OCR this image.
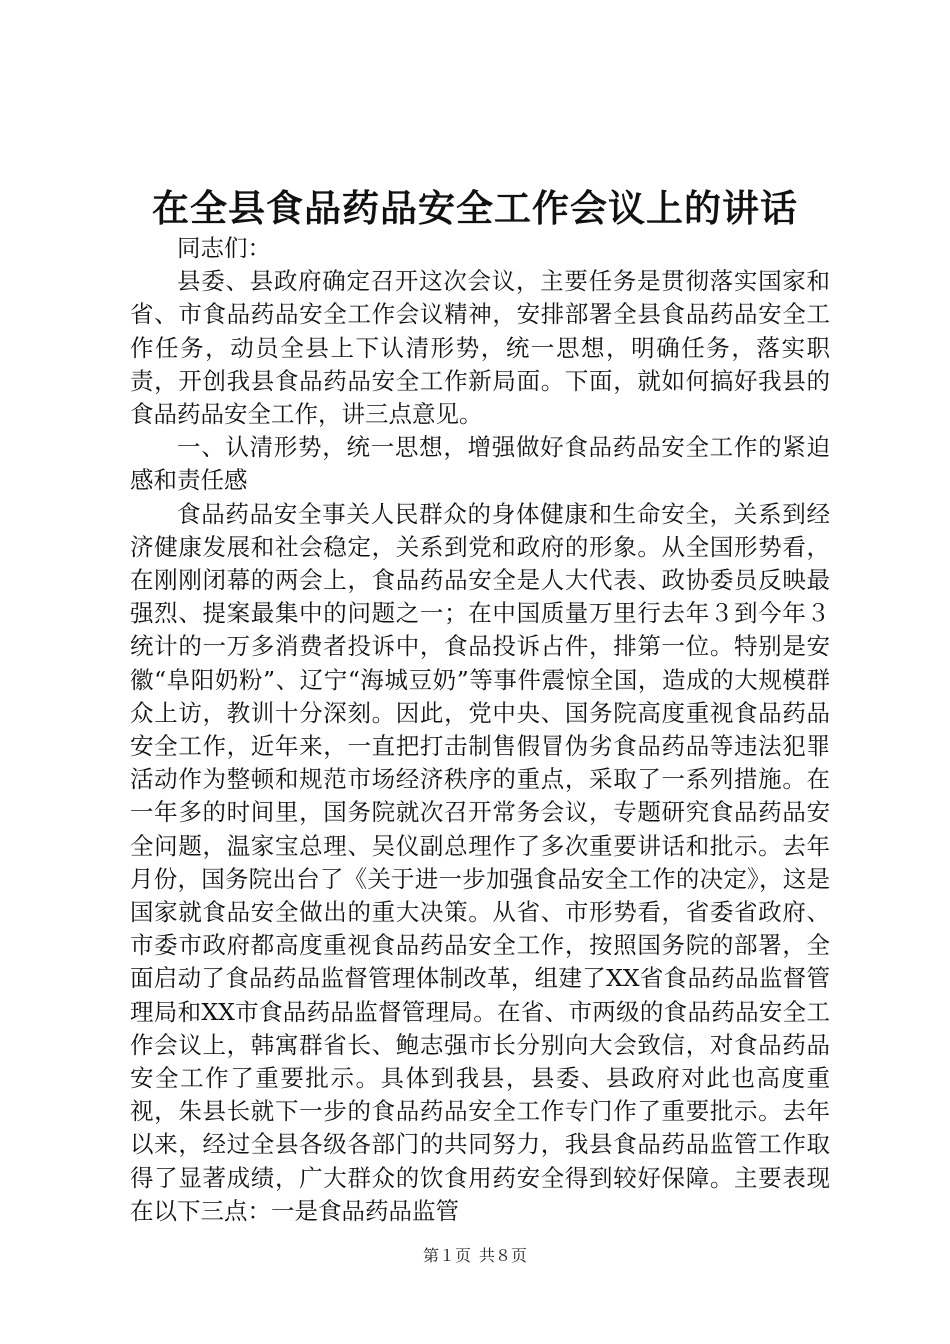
在全县食品药品安全工作会议上的讲话

同志们：

县委、县政府确定召开这次会议，主要任务是贯彻落实国家和省、市食品药品安全工作会议精神，安排部署全县食品药品安全工作任务，动员全县上下认清形势，统一思想，明确任务，落实职责，开创我县食品药品安全工作新局面。下面，就如何搞好我县的食品药品安全工作，讲三点意见。

一、认清形势，统一思想，增强做好食品药品安全工作的紧迫感和责任感

食品药品安全事关人民群众的身体健康和生命安全，关系到经济健康发展和社会稳定，关系到党和政府的形象。从全国形势看，在刚刚闭幕的两会上，食品药品安全是人大代表、政协委员反映最强烈、提案最集中的问题之一；在中国质量万里行去年３到今年３统计的一万多消费者投诉中，食品投诉占件，排第一位。特别是安徽“阜阳奶粉”、辽宁“海城豆奶”等事件震惊全国，造成的大规模群众上访，教训十分深刻。因此，党中央、国务院高度重视食品药品安全工作，近年来，一直把打击制售假冒伪劣食品药品等违法犯罪活动作为整顿和规范市场经济秩序的重点，采取了一系列措施。在一年多的时间里，国务院就次召开常务会议，专题研究食品药品安全问题，温家宝总理、吴仪副总理作了多次重要讲话和批示。去年月份，国务院出台了《关于进一步加强食品安全工作的决定》，这是国家就食品安全做出的重大决策。从省、市形势看，省委省政府、市委市政府都高度重视食品药品安全工作，按照国务院的部署，全面启动了食品药品监督管理体制改革，组建了XX省食品药品监督管理局和XX市食品药品监督管理局。在省、市两级的食品药品安全工作会议上，韩寓群省长、鲍志强市长分别向大会致信，对食品药品安全工作了重要批示。具体到我县，县委、县政府对此也高度重视，朱县长就下一步的食品药品安全工作专门作了重要批示。去年以来，经过全县各级各部门的共同努力，我县食品药品监管工作取得了显著成绩，广大群众的饮食用药安全得到较好保障。主要表现在以下三点：一是食品药品监管

第１页 共８页
